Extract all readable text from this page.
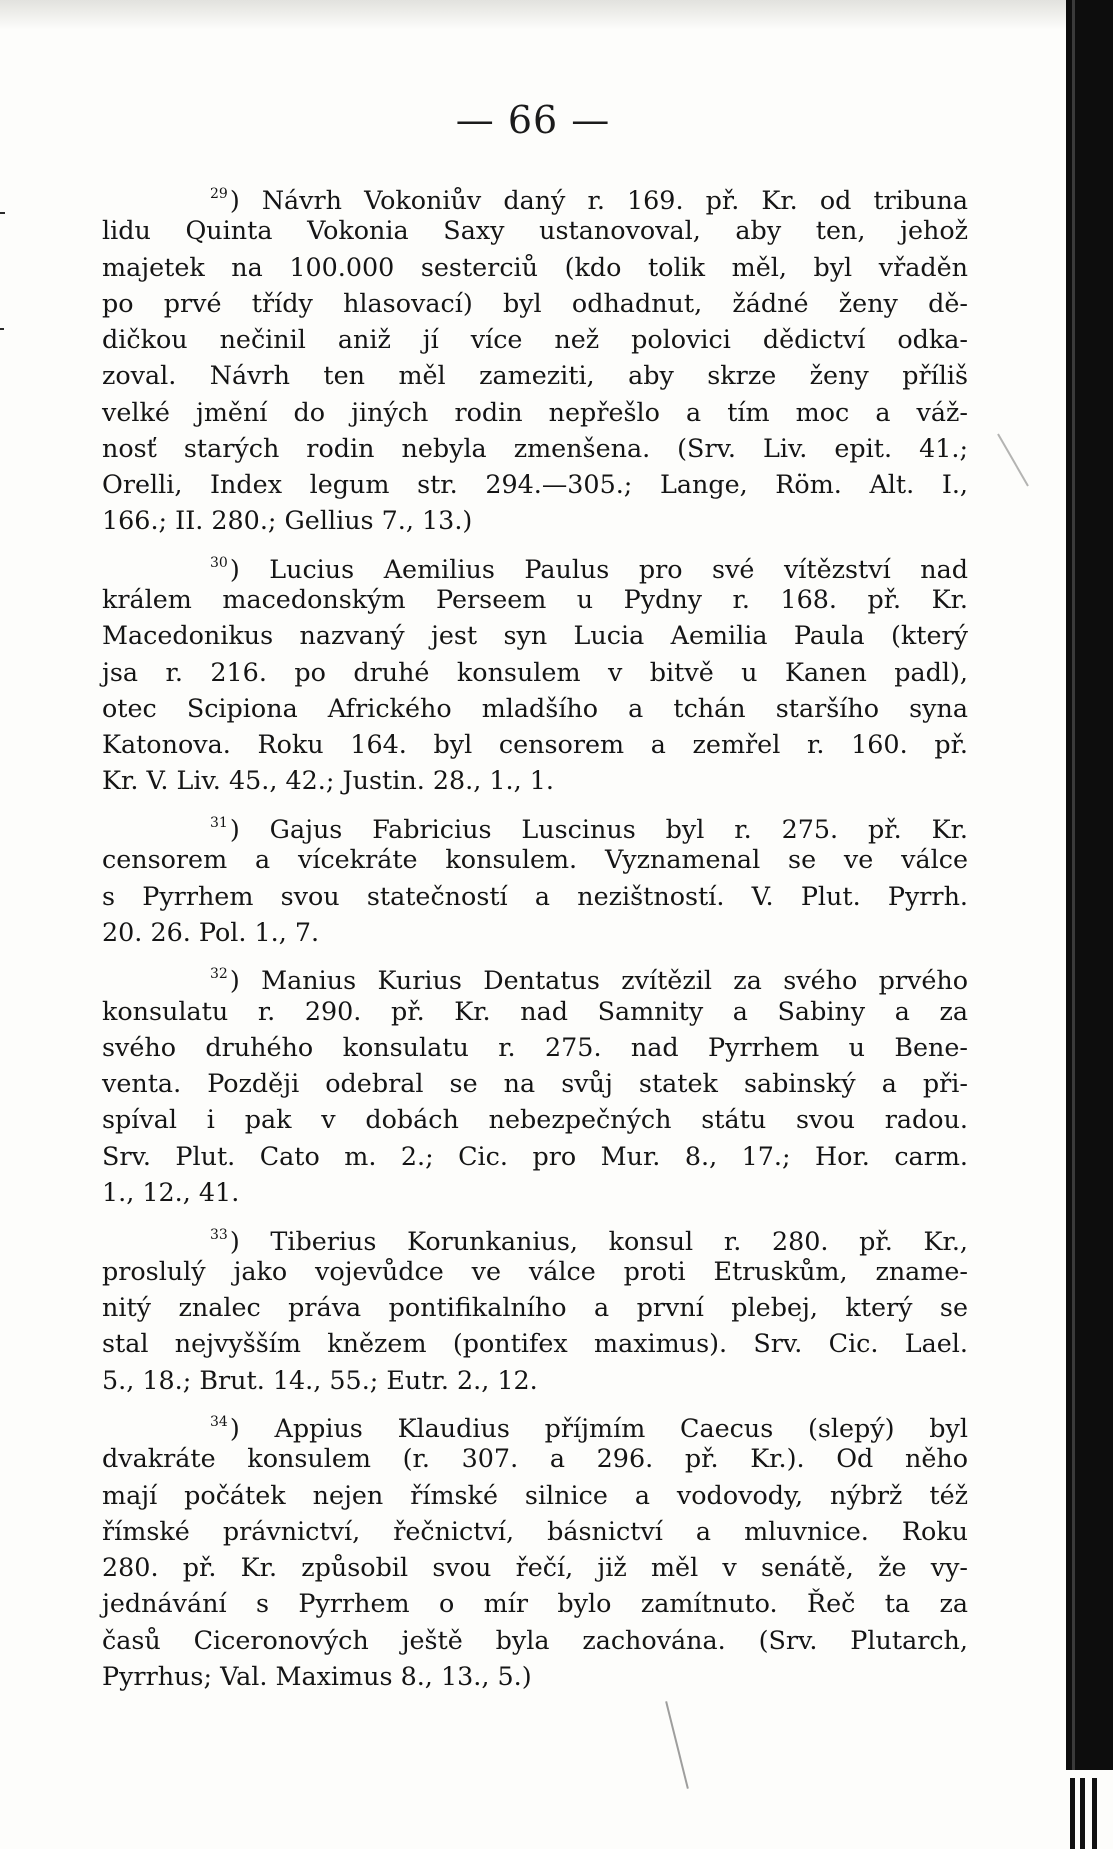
— 66 —
29) Návrh Vokoniův daný r. 169. př. Kr. od tribuna
lidu Quinta Vokonia Saxy ustanovoval, aby ten, jehož
majetek na 100.000 sesterciů (kdo tolik měl, byl vřaděn
po prvé třídy hlasovací) byl odhadnut, žádné ženy dě-
dičkou nečinil aniž jí více než polovici dědictví odka-
zoval. Návrh ten měl zameziti, aby skrze ženy příliš
velké jmění do jiných rodin nepřešlo a tím moc a váž-
nosť starých rodin nebyla zmenšena. (Srv. Liv. epit. 41.;
Orelli, Index legum str. 294.—305.; Lange, Röm. Alt. I.,
166.; II. 280.; Gellius 7., 13.)
30) Lucius Aemilius Paulus pro své vítězství nad
králem macedonským Perseem u Pydny r. 168. př. Kr.
Macedonikus nazvaný jest syn Lucia Aemilia Paula (který
jsa r. 216. po druhé konsulem v bitvě u Kanen padl),
otec Scipiona Afrického mladšího a tchán staršího syna
Katonova. Roku 164. byl censorem a zemřel r. 160. př.
Kr. V. Liv. 45., 42.; Justin. 28., 1., 1.
31) Gajus Fabricius Luscinus byl r. 275. př. Kr.
censorem a vícekráte konsulem. Vyznamenal se ve válce
s Pyrrhem svou statečností a nezištností. V. Plut. Pyrrh.
20. 26. Pol. 1., 7.
32) Manius Kurius Dentatus zvítězil za svého prvého
konsulatu r. 290. př. Kr. nad Samnity a Sabiny a za
svého druhého konsulatu r. 275. nad Pyrrhem u Bene-
venta. Později odebral se na svůj statek sabinský a při-
spíval i pak v dobách nebezpečných státu svou radou.
Srv. Plut. Cato m. 2.; Cic. pro Mur. 8., 17.; Hor. carm.
1., 12., 41.
33) Tiberius Korunkanius, konsul r. 280. př. Kr.,
proslulý jako vojevůdce ve válce proti Etruskům, zname-
nitý znalec práva pontifikalního a první plebej, který se
stal nejvyšším knězem (pontifex maximus). Srv. Cic. Lael.
5., 18.; Brut. 14., 55.; Eutr. 2., 12.
34) Appius Klaudius příjmím Caecus (slepý) byl
dvakráte konsulem (r. 307. a 296. př. Kr.). Od něho
mají počátek nejen římské silnice a vodovody, nýbrž též
římské právnictví, řečnictví, básnictví a mluvnice. Roku
280. př. Kr. způsobil svou řečí, již měl v senátě, že vy-
jednávání s Pyrrhem o mír bylo zamítnuto. Řeč ta za
časů Ciceronových ještě byla zachována. (Srv. Plutarch,
Pyrrhus; Val. Maximus 8., 13., 5.)
